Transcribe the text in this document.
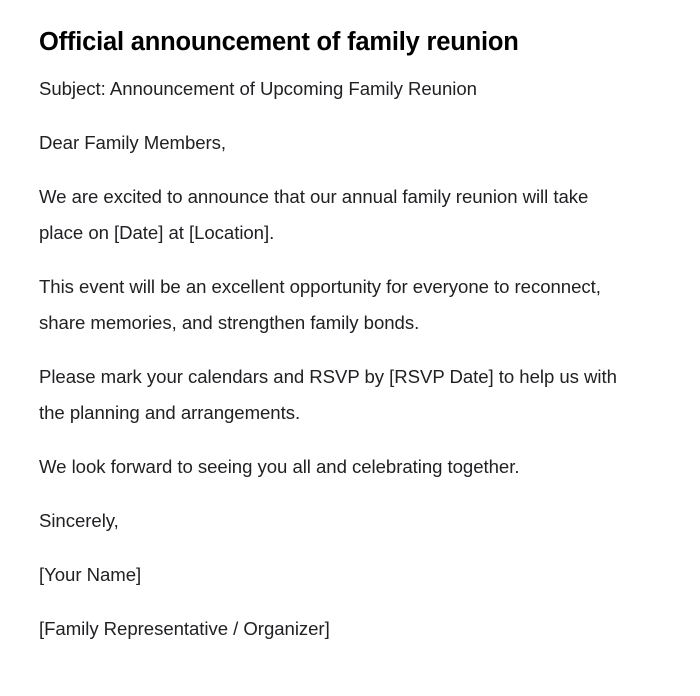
Official announcement of family reunion

Subject: Announcement of Upcoming Family Reunion

Dear Family Members,

We are excited to announce that our annual family reunion will take place on [Date] at [Location].

This event will be an excellent opportunity for everyone to reconnect, share memories, and strengthen family bonds.

Please mark your calendars and RSVP by [RSVP Date] to help us with the planning and arrangements.

We look forward to seeing you all and celebrating together.

Sincerely,

[Your Name]

[Family Representative / Organizer]
